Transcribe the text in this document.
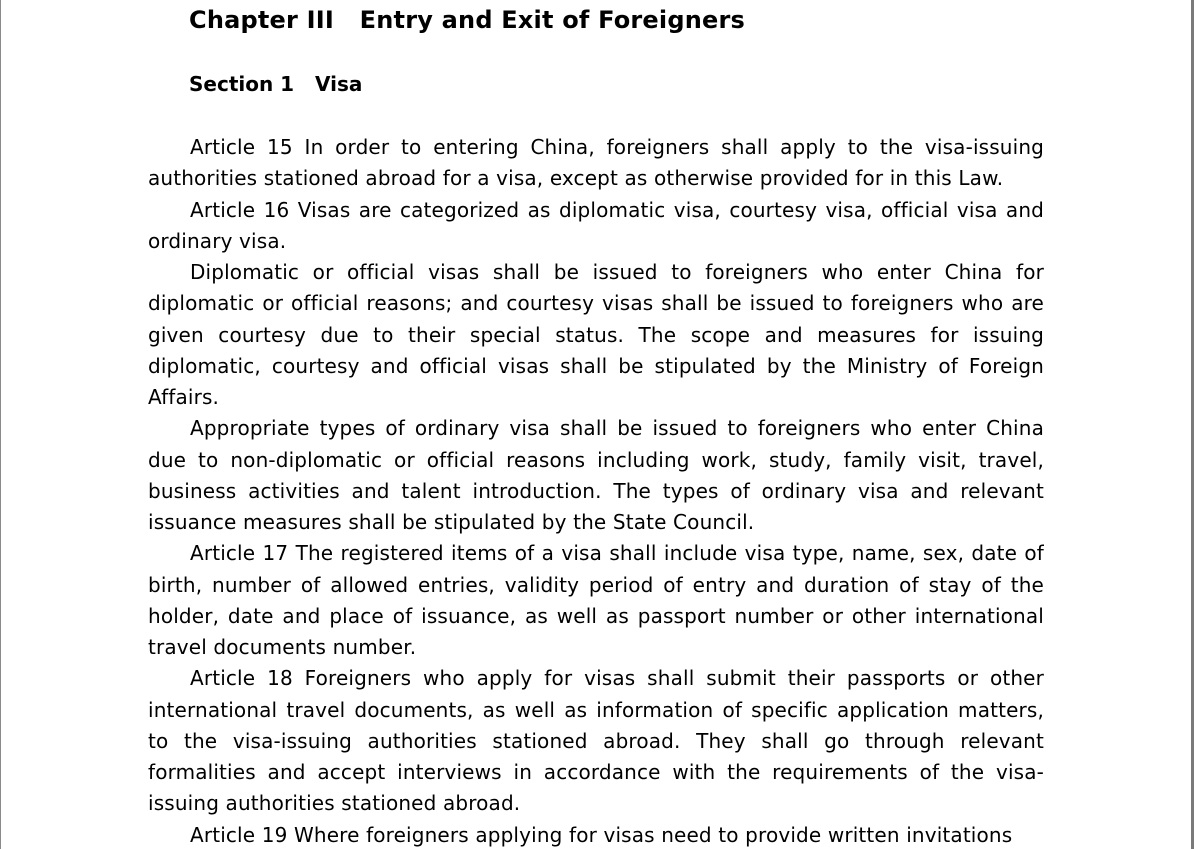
Chapter III   Entry and Exit of Foreigners
Section 1   Visa

Article 15 In order to entering China, foreigners shall apply to the visa-issuing authorities stationed abroad for a visa, except as otherwise provided for in this Law.

Article 16 Visas are categorized as diplomatic visa, courtesy visa, official visa and ordinary visa.

Diplomatic or official visas shall be issued to foreigners who enter China for diplomatic or official reasons; and courtesy visas shall be issued to foreigners who are given courtesy due to their special status. The scope and measures for issuing diplomatic, courtesy and official visas shall be stipulated by the Ministry of Foreign Affairs.

Appropriate types of ordinary visa shall be issued to foreigners who enter China due to non-diplomatic or official reasons including work, study, family visit, travel, business activities and talent introduction. The types of ordinary visa and relevant issuance measures shall be stipulated by the State Council.

Article 17 The registered items of a visa shall include visa type, name, sex, date of birth, number of allowed entries, validity period of entry and duration of stay of the holder, date and place of issuance, as well as passport number or other international travel documents number.

Article 18 Foreigners who apply for visas shall submit their passports or other international travel documents, as well as information of specific application matters, to the visa-issuing authorities stationed abroad. They shall go through relevant formalities and accept interviews in accordance with the requirements of the visa-issuing authorities stationed abroad.

Article 19 Where foreigners applying for visas need to provide written invitations
